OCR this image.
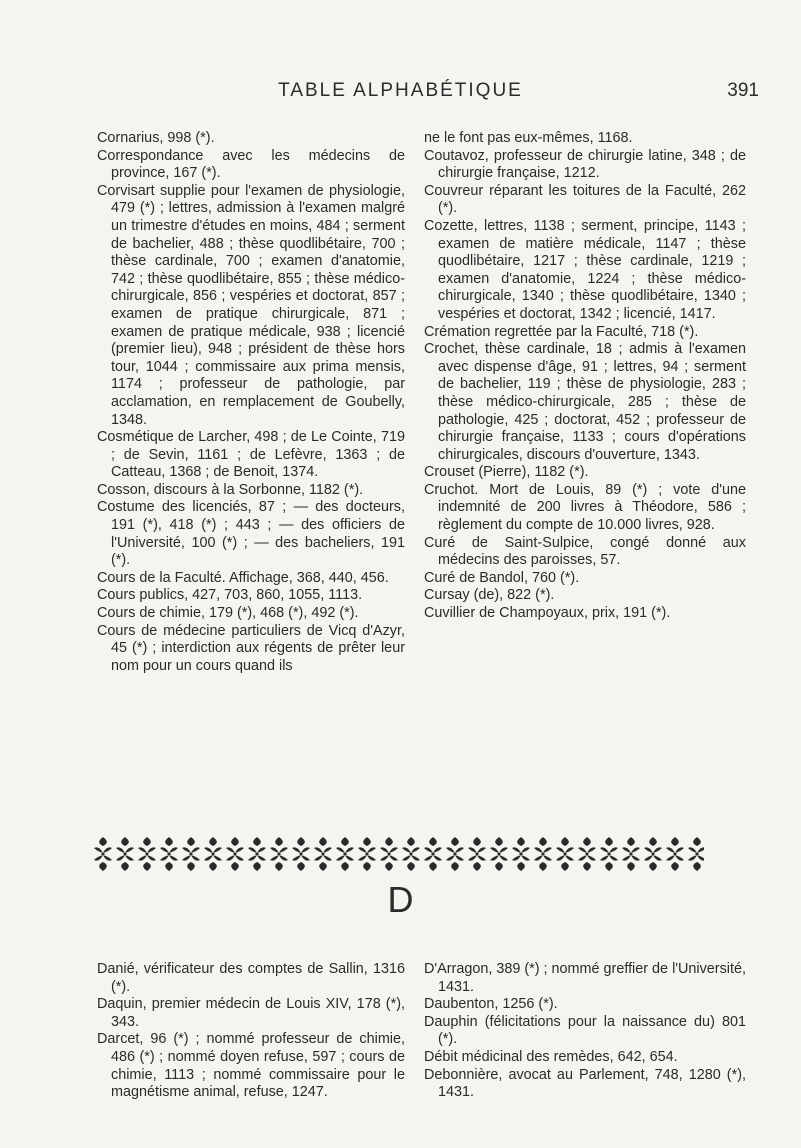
TABLE ALPHABÉTIQUE	391
Cornarius, 998 (*).
Correspondance avec les médecins de province, 167 (*).
Corvisart supplie pour l'examen de physiologie, 479 (*) ; lettres, admission à l'examen malgré un trimestre d'études en moins, 484 ; serment de bachelier, 488 ; thèse quodlibétaire, 700 ; thèse cardinale, 700 ; examen d'anatomie, 742 ; thèse quodlibétaire, 855 ; thèse médico-chirurgicale, 856 ; vespéries et doctorat, 857 ; examen de pratique chirurgicale, 871 ; examen de pratique médicale, 938 ; licencié (premier lieu), 948 ; président de thèse hors tour, 1044 ; commissaire aux prima mensis, 1174 ; professeur de pathologie, par acclamation, en remplacement de Goubelly, 1348.
Cosmétique de Larcher, 498 ; de Le Cointe, 719 ; de Sevin, 1161 ; de Lefèvre, 1363 ; de Catteau, 1368 ; de Benoit, 1374.
Cosson, discours à la Sorbonne, 1182 (*).
Costume des licenciés, 87 ; — des docteurs, 191 (*), 418 (*) ; 443 ; — des officiers de l'Université, 100 (*) ; — des bacheliers, 191 (*).
Cours de la Faculté. Affichage, 368, 440, 456.
Cours publics, 427, 703, 860, 1055, 1113.
Cours de chimie, 179 (*), 468 (*), 492 (*).
Cours de médecine particuliers de Vicq d'Azyr, 45 (*) ; interdiction aux régents de prêter leur nom pour un cours quand ils
ne le font pas eux-mêmes, 1168.
Coutavoz, professeur de chirurgie latine, 348 ; de chirurgie française, 1212.
Couvreur réparant les toitures de la Faculté, 262 (*).
Cozette, lettres, 1138 ; serment, principe, 1143 ; examen de matière médicale, 1147 ; thèse quodlibétaire, 1217 ; thèse cardinale, 1219 ; examen d'anatomie, 1224 ; thèse médico-chirurgicale, 1340 ; thèse quodlibétaire, 1340 ; vespéries et doctorat, 1342 ; licencié, 1417.
Crémation regrettée par la Faculté, 718 (*).
Crochet, thèse cardinale, 18 ; admis à l'examen avec dispense d'âge, 91 ; lettres, 94 ; serment de bachelier, 119 ; thèse de physiologie, 283 ; thèse médico-chirurgicale, 285 ; thèse de pathologie, 425 ; doctorat, 452 ; professeur de chirurgie française, 1133 ; cours d'opérations chirurgicales, discours d'ouverture, 1343.
Crouset (Pierre), 1182 (*).
Cruchot. Mort de Louis, 89 (*) ; vote d'une indemnité de 200 livres à Théodore, 586 ; règlement du compte de 10.000 livres, 928.
Curé de Saint-Sulpice, congé donné aux médecins des paroisses, 57.
Curé de Bandol, 760 (*).
Cursay (de), 822 (*).
Cuvillier de Champoyaux, prix, 191 (*).
D
Danié, vérificateur des comptes de Sallin, 1316 (*).
Daquin, premier médecin de Louis XIV, 178 (*), 343.
Darcet, 96 (*) ; nommé professeur de chimie, 486 (*) ; nommé doyen refuse, 597 ; cours de chimie, 1113 ; nommé commissaire pour le magnétisme animal, refuse, 1247.
D'Arragon, 389 (*) ; nommé greffier de l'Université, 1431.
Daubenton, 1256 (*).
Dauphin (félicitations pour la naissance du) 801 (*).
Débit médicinal des remèdes, 642, 654.
Debonnière, avocat au Parlement, 748, 1280 (*), 1431.
